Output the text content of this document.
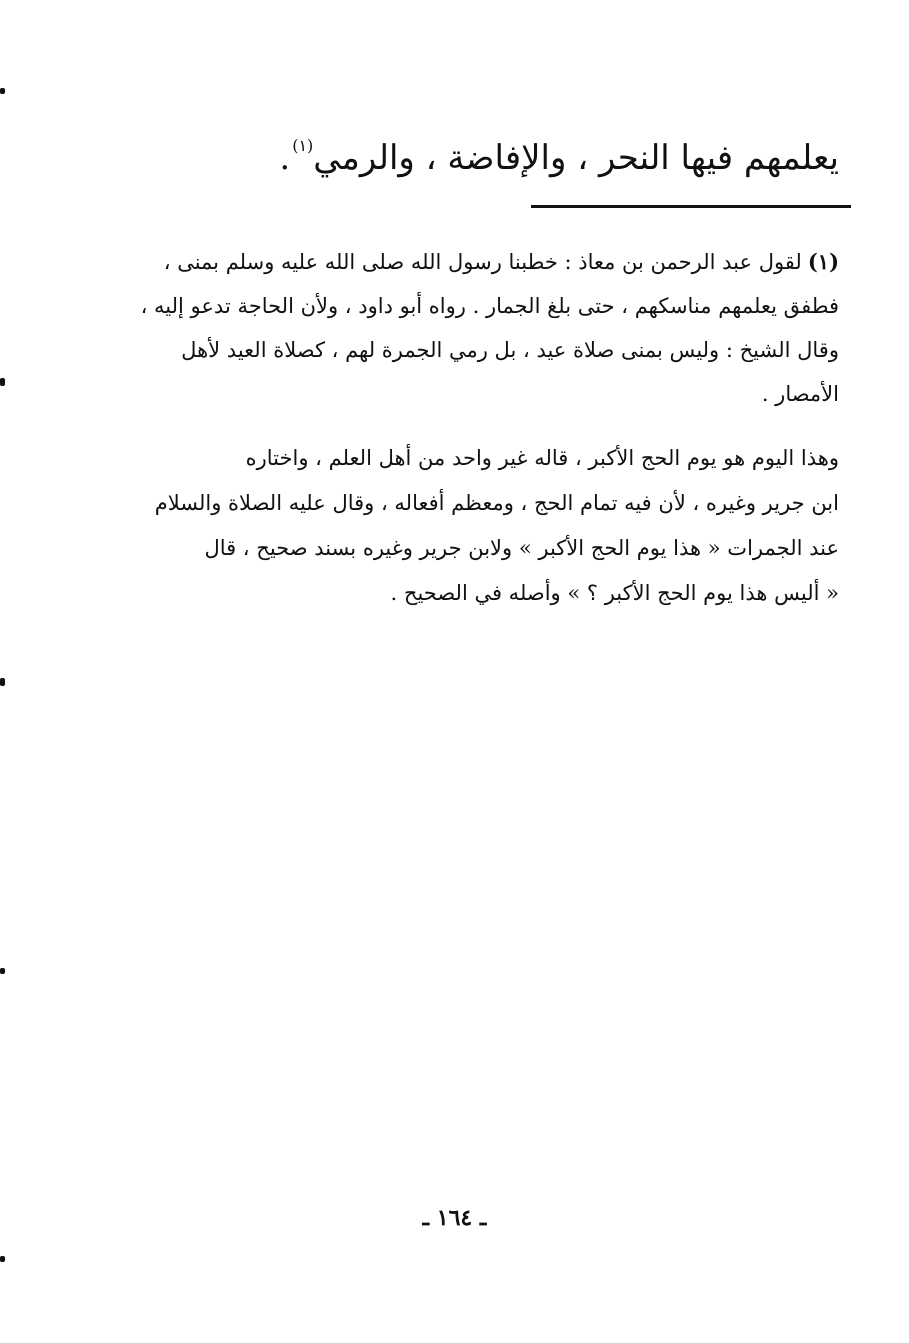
يعلمهم فيها النحر ، والإفاضة ، والرمي$^{(١)}$.
(١)لقول عبد الرحمن بن معاذ : خطبنا رسول الله صلى الله عليه وسلم بمنى ،
فطفق يعلمهم مناسكهم ، حتى بلغ الجمار . رواه أبو داود ، ولأن الحاجة تدعو إليه ،
وقال الشيخ : وليس بمنى صلاة عيد ، بل رمي الجمرة لهم ، كصلاة العيد لأهل
الأمصار .
وهذا اليوم هو يوم الحج الأكبر ، قاله غير واحد من أهل العلم ، واختاره
ابن جرير وغيره ، لأن فيه تمام الحج ، ومعظم أفعاله ، وقال عليه الصلاة والسلام
عند الجمرات « هذا يوم الحج الأكبر » ولابن جرير وغيره بسند صحيح ، قال
« أليس هذا يوم الحج الأكبر ؟ » وأصله في الصحيح .
ـ ١٦٤ ـ
